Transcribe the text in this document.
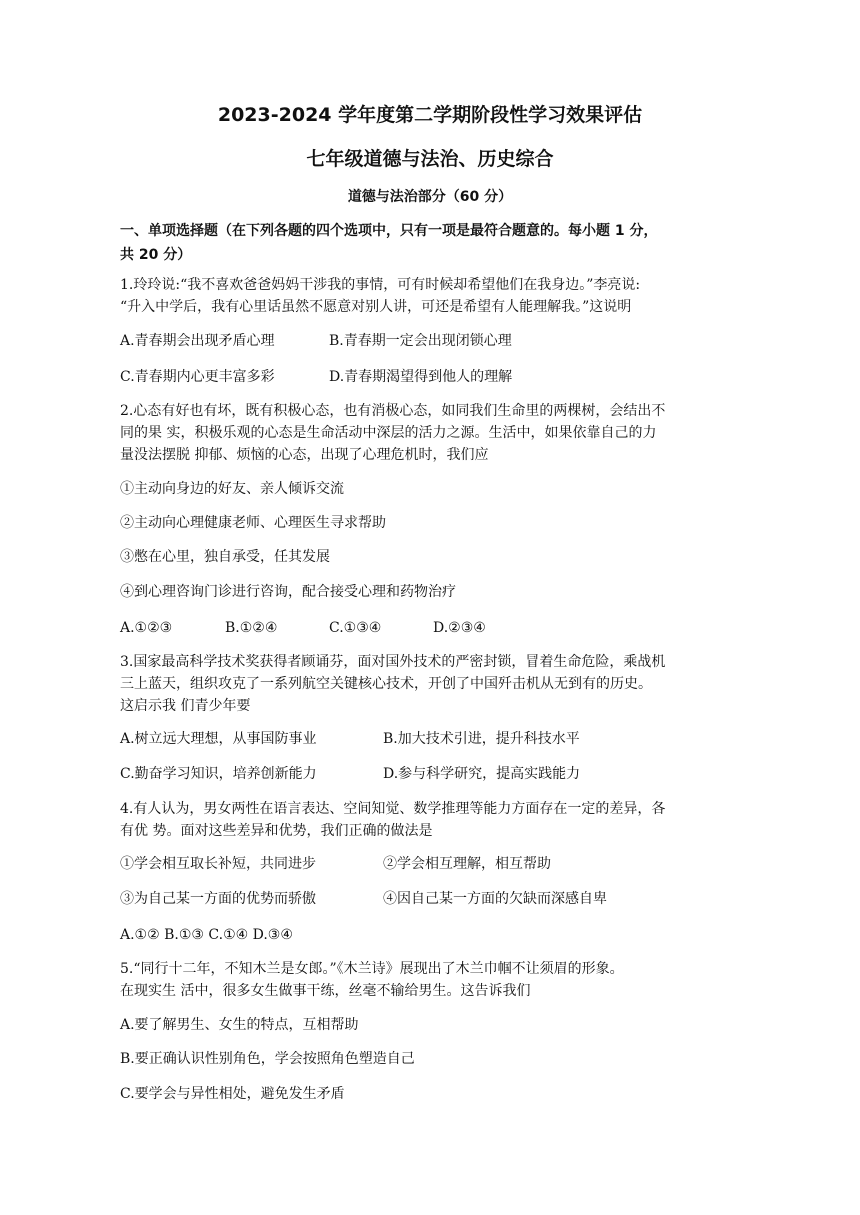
2023-2024 学年度第二学期阶段性学习效果评估
七年级道德与法治、历史综合
道德与法治部分（60 分）
一、单项选择题（在下列各题的四个选项中，只有一项是最符合题意的。每小题 1 分，
共 20 分）
1.玲玲说:“我不喜欢爸爸妈妈干涉我的事情，可有时候却希望他们在我身边。”李亮说:
“升入中学后，我有心里话虽然不愿意对别人讲，可还是希望有人能理解我。”这说明
A.青春期会出现矛盾心理	B.青春期一定会出现闭锁心理
C.青春期内心更丰富多彩	D.青春期渴望得到他人的理解
2.心态有好也有坏，既有积极心态，也有消极心态，如同我们生命里的两棵树，会结出不
同的果 实，积极乐观的心态是生命活动中深层的活力之源。生活中，如果依靠自己的力
量没法摆脱 抑郁、烦恼的心态，出现了心理危机时，我们应
①主动向身边的好友、亲人倾诉交流
②主动向心理健康老师、心理医生寻求帮助
③憋在心里，独自承受，任其发展
④到心理咨询门诊进行咨询，配合接受心理和药物治疗
A.①②③	B.①②④	C.①③④	D.②③④
3.国家最高科学技术奖获得者顾诵芬，面对国外技术的严密封锁，冒着生命危险，乘战机
三上蓝天，组织攻克了一系列航空关键核心技术，开创了中国歼击机从无到有的历史。
这启示我 们青少年要
A.树立远大理想，从事国防事业	B.加大技术引进，提升科技水平
C.勤奋学习知识，培养创新能力	D.参与科学研究，提高实践能力
4.有人认为，男女两性在语言表达、空间知觉、数学推理等能力方面存在一定的差异，各
有优 势。面对这些差异和优势，我们正确的做法是
①学会相互取长补短，共同进步	②学会相互理解，相互帮助
③为自己某一方面的优势而骄傲	④因自己某一方面的欠缺而深感自卑
A.①② B.①③ C.①④ D.③④
5.“同行十二年，不知木兰是女郎。”《木兰诗》展现出了木兰巾帼不让须眉的形象。
在现实生 活中，很多女生做事干练，丝毫不输给男生。这告诉我们
A.要了解男生、女生的特点，互相帮助
B.要正确认识性别角色，学会按照角色塑造自己
C.要学会与异性相处，避免发生矛盾
